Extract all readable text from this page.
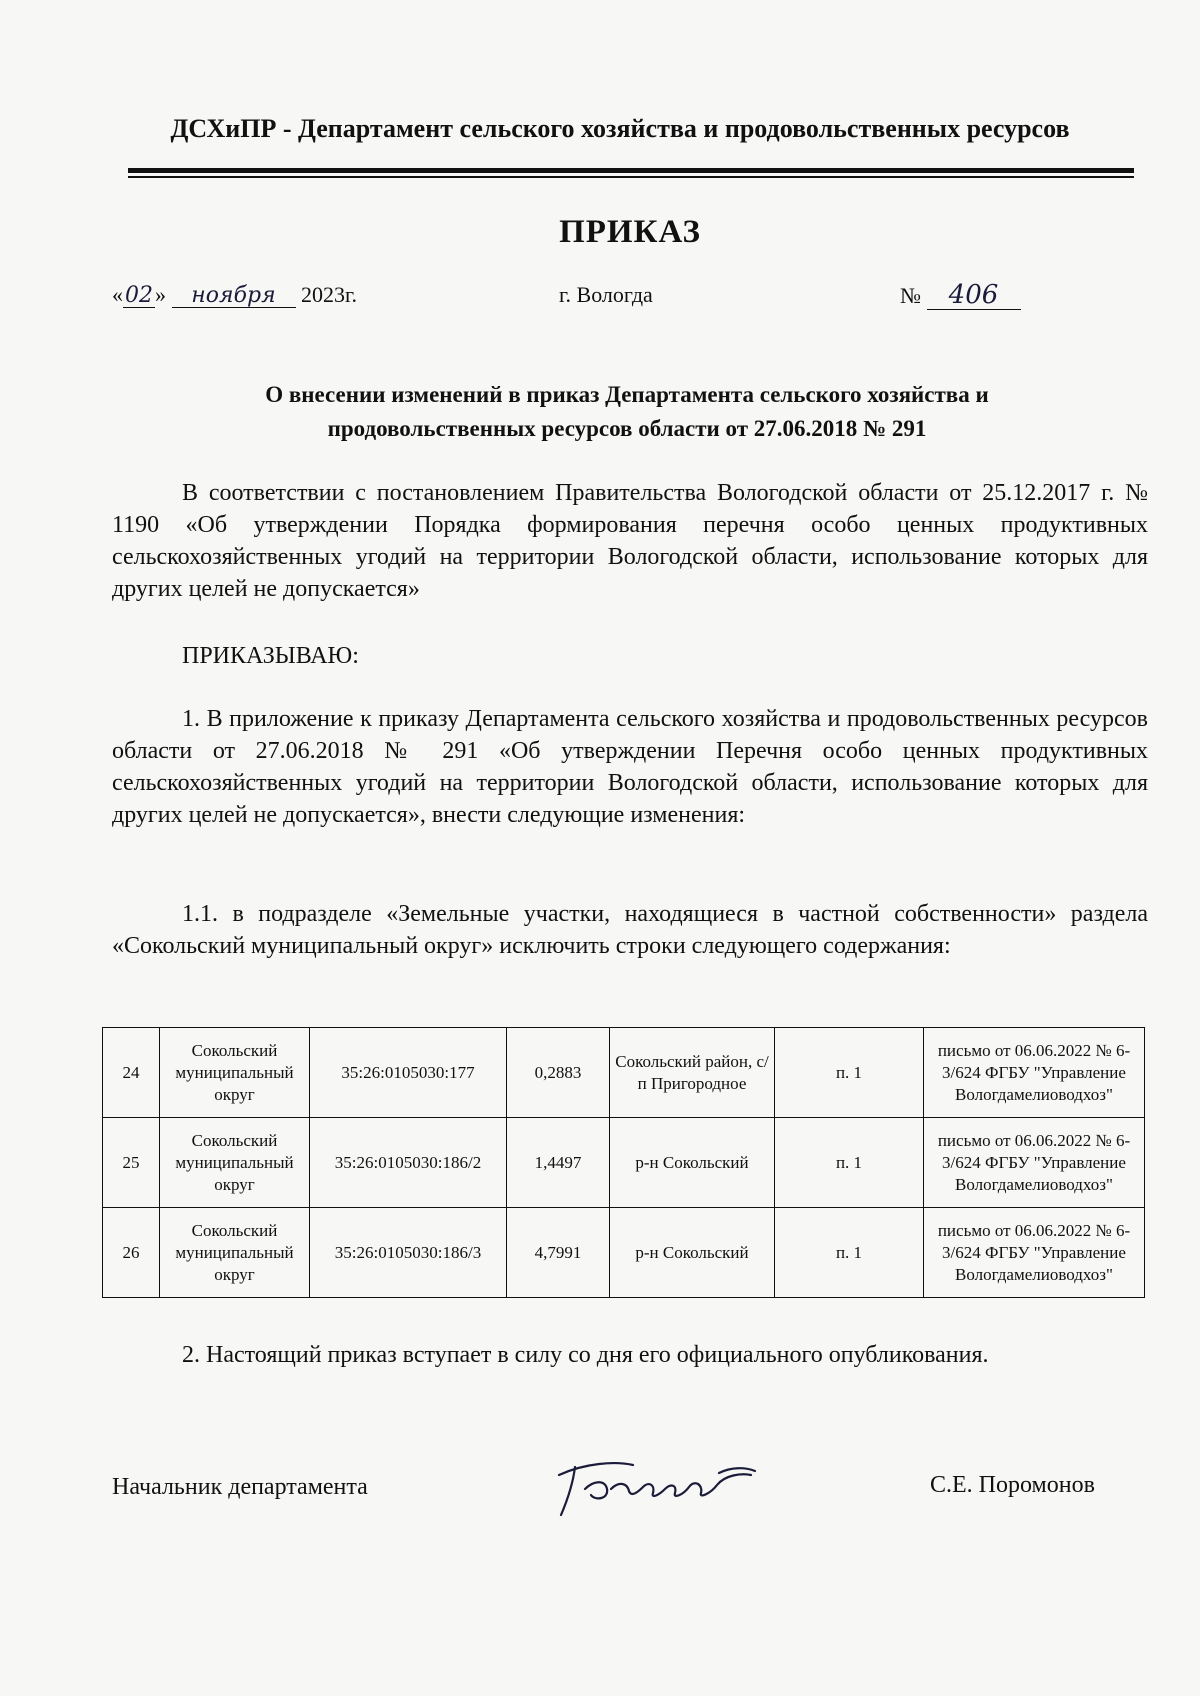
ДСХиПР - Департамент сельского хозяйства и продовольственных ресурсов
ПРИКАЗ
«02» ноября 2023г.	г. Вологда	№ 406
О внесении изменений в приказ Департамента сельского хозяйства и
продовольственных ресурсов области от 27.06.2018 № 291
В соответствии с постановлением Правительства Вологодской области от 25.12.2017 г. № 1190 «Об утверждении Порядка формирования перечня особо ценных продуктивных сельскохозяйственных угодий на территории Вологодской области, использование которых для других целей не допускается»
ПРИКАЗЫВАЮ:
1. В приложение к приказу Департамента сельского хозяйства и продовольственных ресурсов области от 27.06.2018 № 291 «Об утверждении Перечня особо ценных продуктивных сельскохозяйственных угодий на территории Вологодской области, использование которых для других целей не допускается», внести следующие изменения:
1.1. в подразделе «Земельные участки, находящиеся в частной собственности» раздела «Сокольский муниципальный округ» исключить строки следующего содержания:
24	Сокольский муниципальный округ	35:26:0105030:177	0,2883	Сокольский район, с/п Пригородное	п. 1	письмо от 06.06.2022 № 6-3/624 ФГБУ "Управление Вологдамелиоводхоз"
25	Сокольский муниципальный округ	35:26:0105030:186/2	1,4497	р-н Сокольский	п. 1	письмо от 06.06.2022 № 6-3/624 ФГБУ "Управление Вологдамелиоводхоз"
26	Сокольский муниципальный округ	35:26:0105030:186/3	4,7991	р-н Сокольский	п. 1	письмо от 06.06.2022 № 6-3/624 ФГБУ "Управление Вологдамелиоводхоз"
2. Настоящий приказ вступает в силу со дня его официального опубликования.
Начальник департамента	С.Е. Поромонов
